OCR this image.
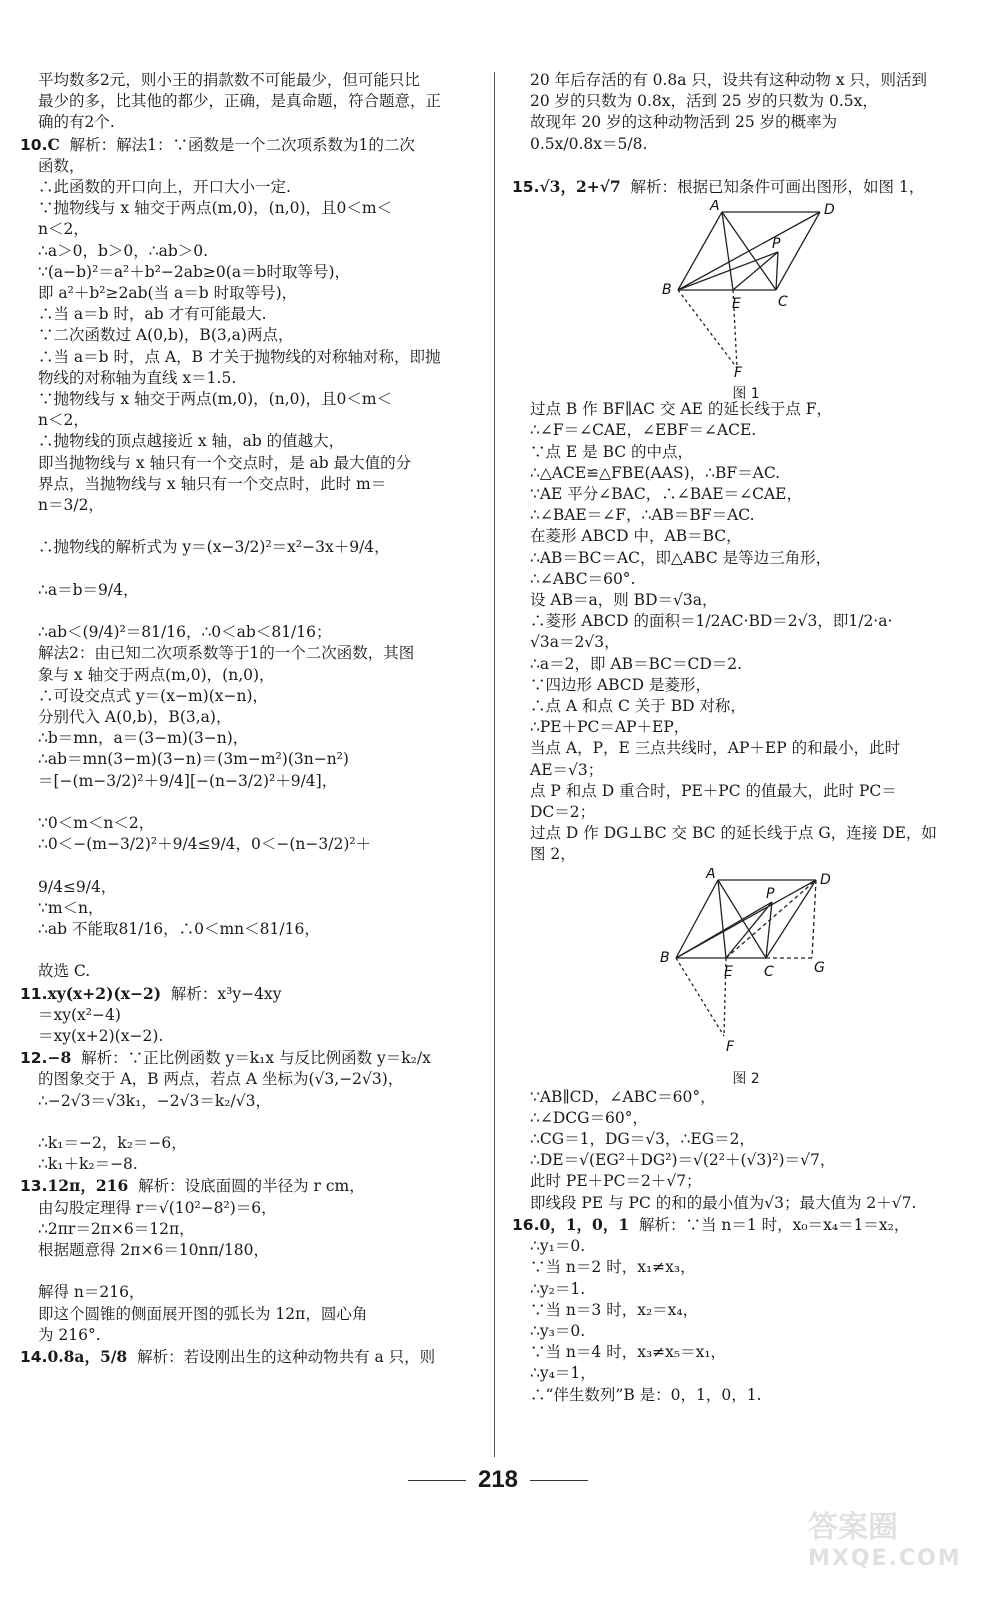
平均数多2元，则小王的捐款数不可能最少，但可能只比
最少的多，比其他的都少，正确，是真命题，符合题意，正
确的有2个.
10.C  解析：解法1：∵函数是一个二次项系数为1的二次
函数，
∴此函数的开口向上，开口大小一定.
∵抛物线与 x 轴交于两点(m,0)，(n,0)，且0＜m＜
n＜2，
∴a＞0，b＞0，∴ab＞0.
∵(a−b)²＝a²＋b²−2ab≥0(a＝b时取等号)，
即 a²＋b²≥2ab(当 a＝b 时取等号)，
∴当 a＝b 时，ab 才有可能最大.
∵二次函数过 A(0,b)，B(3,a)两点，
∴当 a＝b 时，点 A，B 才关于抛物线的对称轴对称，即抛
物线的对称轴为直线 x＝1.5.
∵抛物线与 x 轴交于两点(m,0)，(n,0)，且0＜m＜
n＜2，
∴抛物线的顶点越接近 x 轴，ab 的值越大，
即当抛物线与 x 轴只有一个交点时，是 ab 最大值的分
界点，当抛物线与 x 轴只有一个交点时，此时 m＝
n＝3/2，
∴抛物线的解析式为 y＝(x−3/2)²＝x²−3x＋9/4，
∴a＝b＝9/4，
∴ab＜(9/4)²＝81/16，∴0＜ab＜81/16；
解法2：由已知二次项系数等于1的一个二次函数，其图
象与 x 轴交于两点(m,0)，(n,0)，
∴可设交点式 y＝(x−m)(x−n)，
分别代入 A(0,b)，B(3,a)，
∴b＝mn，a＝(3−m)(3−n)，
∴ab＝mn(3−m)(3−n)＝(3m−m²)(3n−n²)
＝[−(m−3/2)²＋9/4][−(n−3/2)²＋9/4]，
∵0＜m＜n＜2，
∴0＜−(m−3/2)²＋9/4≤9/4，0＜−(n−3/2)²＋
9/4≤9/4，
∵m＜n，
∴ab 不能取81/16，∴0＜mn＜81/16，
故选 C.
11.xy(x+2)(x−2)  解析：x³y−4xy
＝xy(x²−4)
＝xy(x+2)(x−2).
12.−8  解析：∵正比例函数 y＝k₁x 与反比例函数 y＝k₂/x
的图象交于 A，B 两点，若点 A 坐标为(√3,−2√3)，
∴−2√3＝√3k₁，−2√3＝k₂/√3，
∴k₁＝−2，k₂＝−6，
∴k₁＋k₂＝−8.
13.12π，216  解析：设底面圆的半径为 r cm，
由勾股定理得 r＝√(10²−8²)＝6，
∴2πr＝2π×6＝12π，
根据题意得 2π×6＝10nπ/180，
解得 n＝216，
即这个圆锥的侧面展开图的弧长为 12π，圆心角
为 216°.
14.0.8a，5/8  解析：若设刚出生的这种动物共有 a 只，则
20 年后存活的有 0.8a 只，设共有这种动物 x 只，则活到
20 岁的只数为 0.8x，活到 25 岁的只数为 0.5x，
故现年 20 岁的这种动物活到 25 岁的概率为
0.5x/0.8x＝5/8.
15.√3，2+√7  解析：根据已知条件可画出图形，如图 1，
A	D
B
C
E
F
P
图 1
过点 B 作 BF∥AC 交 AE 的延长线于点 F，
∴∠F＝∠CAE，∠EBF＝∠ACE.
∵点 E 是 BC 的中点，
∴△ACE≌△FBE(AAS)，∴BF＝AC.
∵AE 平分∠BAC，∴∠BAE＝∠CAE，
∴∠BAE＝∠F，∴AB＝BF＝AC.
在菱形 ABCD 中，AB＝BC，
∴AB＝BC＝AC，即△ABC 是等边三角形，
∴∠ABC＝60°.
设 AB＝a，则 BD＝√3a，
∴菱形 ABCD 的面积＝1/2AC·BD＝2√3，即1/2·a·
√3a＝2√3，
∴a＝2，即 AB＝BC＝CD＝2.
∵四边形 ABCD 是菱形，
∴点 A 和点 C 关于 BD 对称，
∴PE＋PC＝AP＋EP，
当点 A，P，E 三点共线时，AP＋EP 的和最小，此时
AE＝√3；
点 P 和点 D 重合时，PE＋PC 的值最大，此时 PC＝
DC＝2；
过点 D 作 DG⊥BC 交 BC 的延长线于点 G，连接 DE，如
图 2，
A	D
B
C
E	G
F
P
图 2
∵AB∥CD，∠ABC＝60°，
∴∠DCG＝60°，
∴CG＝1，DG＝√3，∴EG＝2，
∴DE＝√(EG²＋DG²)＝√(2²＋(√3)²)＝√7，
此时 PE＋PC＝2＋√7；
即线段 PE 与 PC 的和的最小值为√3；最大值为 2＋√7.
16.0，1，0，1  解析：∵当 n＝1 时，x₀＝x₄＝1＝x₂，
∴y₁＝0.
∵当 n＝2 时，x₁≠x₃，
∴y₂＝1.
∵当 n＝3 时，x₂＝x₄，
∴y₃＝0.
∵当 n＝4 时，x₃≠x₅＝x₁，
∴y₄＝1，
∴“伴生数列”B 是：0，1，0，1.
218
答案圈
MXQE.COM
